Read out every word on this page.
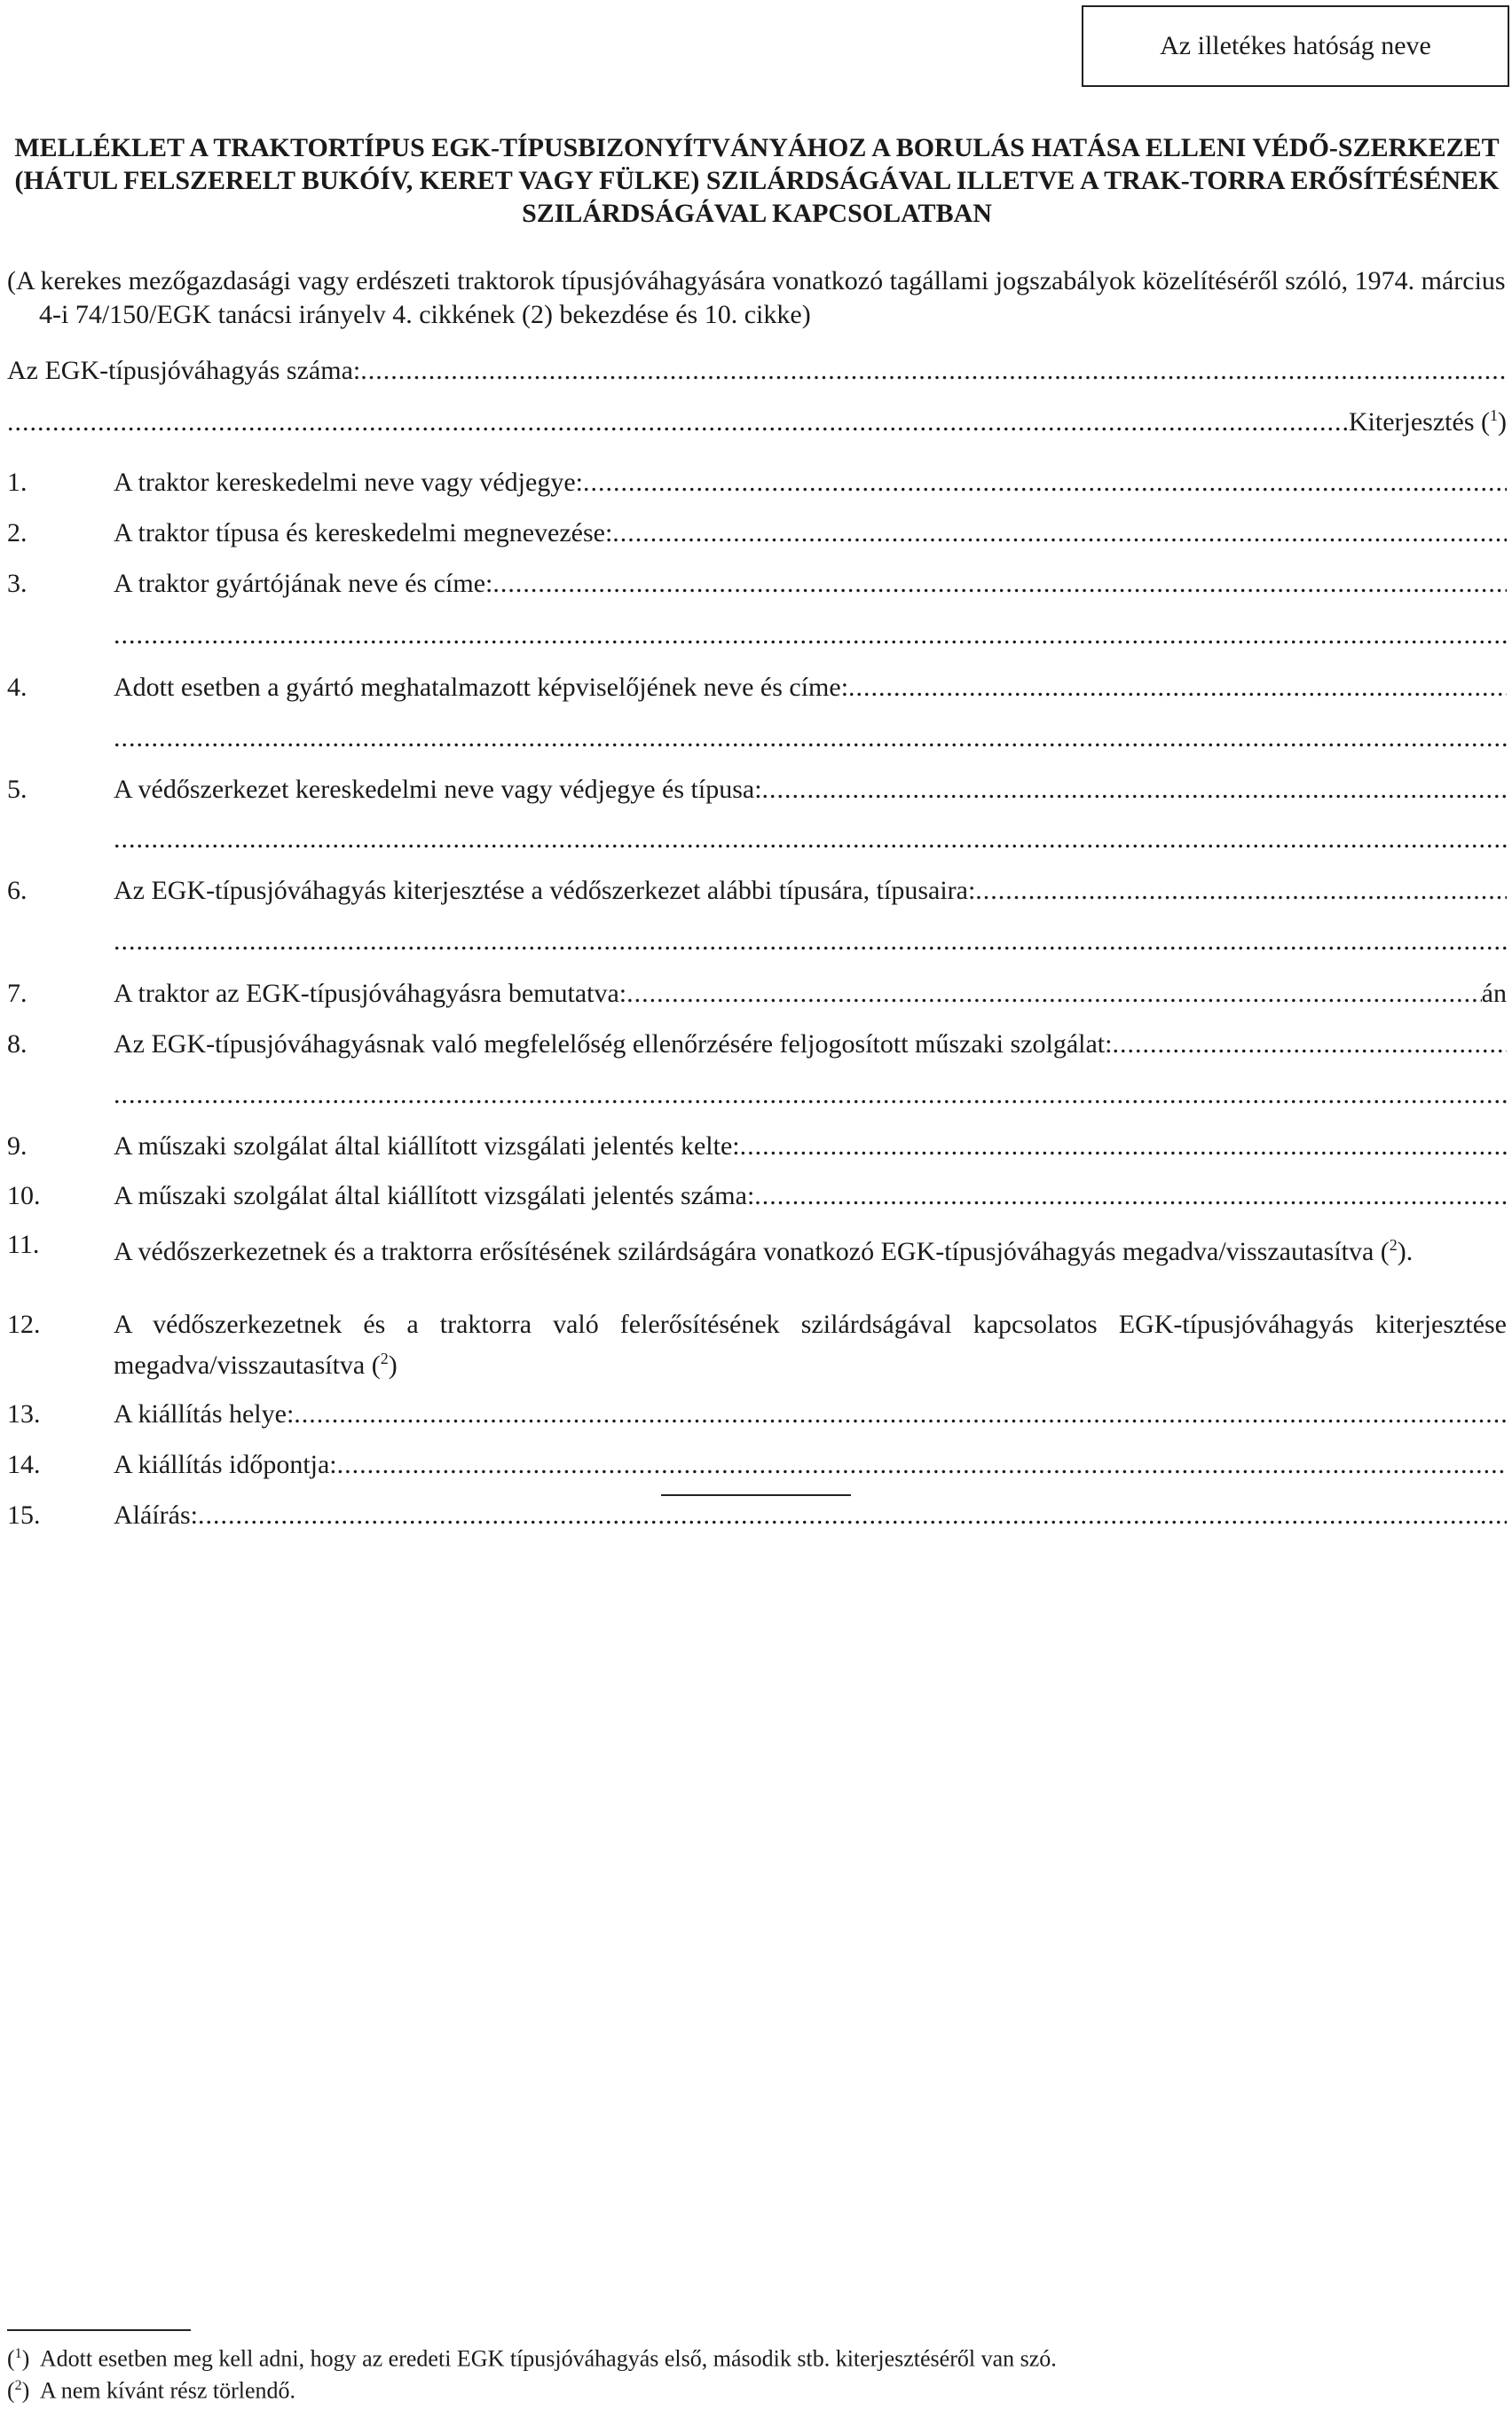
Az illetékes hatóság neve

MELLÉKLET A TRAKTORTÍPUS EGK-TÍPUSBIZONYÍTVÁNYÁHOZ A BORULÁS HATÁSA ELLENI VÉDŐ-SZERKEZET (HÁTUL FELSZERELT BUKÓÍV, KERET VAGY FÜLKE) SZILÁRDSÁGÁVAL ILLETVE A TRAK-TORRA ERŐSÍTÉSÉNEK SZILÁRDSÁGÁVAL KAPCSOLATBAN

(A kerekes mezőgazdasági vagy erdészeti traktorok típusjóváhagyására vonatkozó tagállami jogszabályok közelítéséről szóló, 1974. március 4-i 74/150/EGK tanácsi irányelv 4. cikkének (2) bekezdése és 10. cikke)

Az EGK-típusjóváhagyás száma:
.....
.....
Kiterjesztés ($^1$)
1.	A traktor kereskedelmi neve vagy védjegye:
.....
2.	A traktor típusa és kereskedelmi megnevezése:
.....
3.	A traktor gyártójának neve és címe:
.....
.....
4.	Adott esetben a gyártó meghatalmazott képviselőjének neve és címe:
.....
.....
5.	A védőszerkezet kereskedelmi neve vagy védjegye és típusa:
.....
.....
6.	Az EGK-típusjóváhagyás kiterjesztése a védőszerkezet alábbi típusára, típusaira:
.....
.....
7.	A traktor az EGK-típusjóváhagyásra bemutatva:
.....	án
8.	Az EGK-típusjóváhagyásnak való megfelelőség ellenőrzésére feljogosított műszaki szolgálat:
.....
.....
9.	A műszaki szolgálat által kiállított vizsgálati jelentés kelte:
.....
10.	A műszaki szolgálat által kiállított vizsgálati jelentés száma:
.....
11.	A védőszerkezetnek és a traktorra erősítésének szilárdságára vonatkozó EGK-típusjóváhagyás megadva/visszautasítva ($^2$).
12.	A védőszerkezetnek és a traktorra való felerősítésének szilárdságával kapcsolatos EGK-típusjóváhagyás kiterjesztése megadva/visszautasítva ($^2$)
13.	A kiállítás helye:
.....
14.	A kiállítás időpontja:
.....
15.	Aláírás:
.....
($^1$)  Adott esetben meg kell adni, hogy az eredeti EGK típusjóváhagyás első, második stb. kiterjesztéséről van szó.
($^2$)  A nem kívánt rész törlendő.
